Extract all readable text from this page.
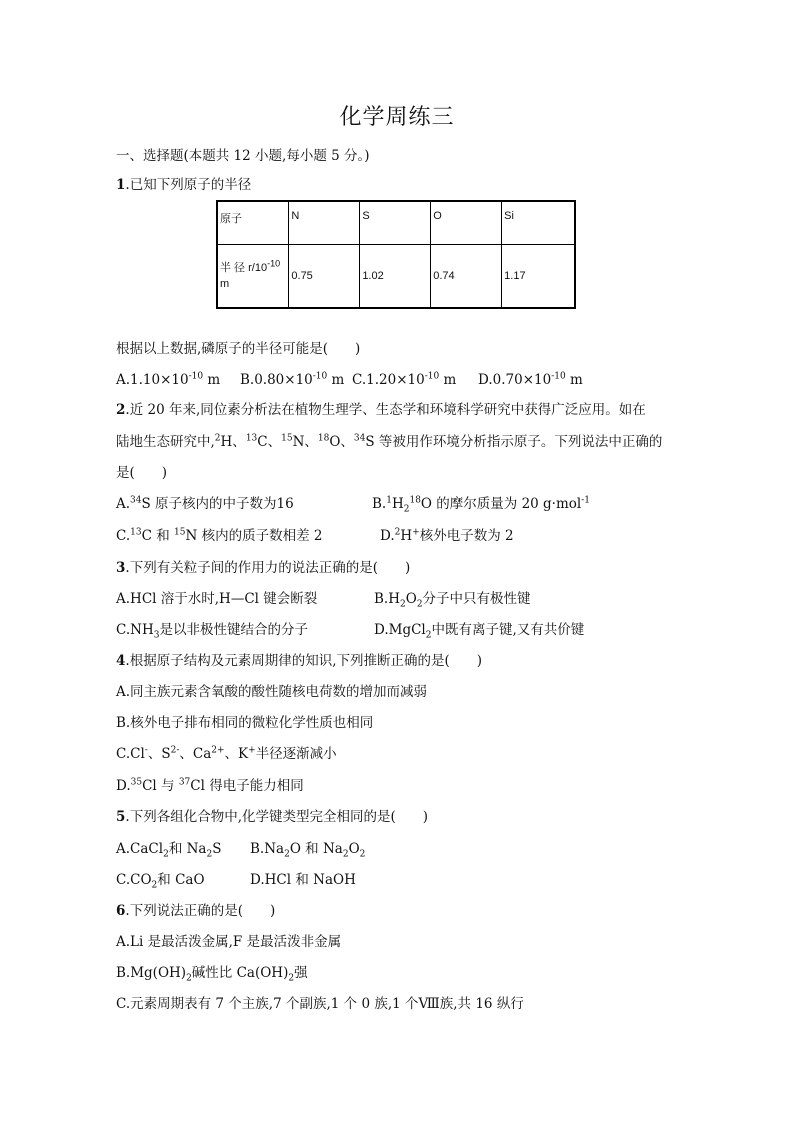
化学周练三
一、选择题(本题共 12 小题,每小题 5 分。)
1.已知下列原子的半径
原子	N	S	O	Si
半 径 $r/10^{-10}$
m	0.75	1.02	0.74	1.17
根据以上数据,磷原子的半径可能是(　　)
$A.1.10\times 10^{-10}$ m $B.0.80\times 10^{-10}$ m $C.1.20\times 10^{-10}$ m $D.0.70\times 10^{-10}$ m
2.近 20 年来,同位素分析法在植物生理学、生态学和环境科学研究中获得广泛应用。如在
陆地生态研究中,$^2$H、$^{13}$C、$^{15}$N、$^{18}$O、$^{34}$S 等被用作环境分析指示原子。下列说法中正确的
是(　　)
A.$^{34}$S 原子核内的中子数为16	$B.^1H_2^{18}O$ 的摩尔质量为 20 g·mol$^{-1}$
C.$^{13}$C 和 $^{15}$N 核内的质子数相差 2	D.$^2$H+核外电子数为 2
3.下列有关粒子间的作用力的说法正确的是(　　)
A.HCl 溶于水时,H—Cl 键会断裂	$B.H_2O_2$分子中只有极性键
$C.NH_3$是以非极性键结合的分子	D.MgCl$_2$中既有离子键,又有共价键
4.根据原子结构及元素周期律的知识,下列推断正确的是(　　)
A.同主族元素含氧酸的酸性随核电荷数的增加而减弱
B.核外电子排布相同的微粒化学性质也相同
C.Cl-、$S^{2-}$、$Ca^{2+}$、K+半径逐渐减小
D.$^{35}$Cl 与 $^{37}$Cl 得电子能力相同
5.下列各组化合物中,化学键类型完全相同的是(　　)
A.CaCl$_2$和 $Na_2S$ $B.Na_2O$ 和 $Na_2O_2$
$C.CO_2$和 CaO	D.HCl 和 NaOH
6.下列说法正确的是(　　)
A.Li 是最活泼金属,F 是最活泼非金属
$B.Mg(OH)_2$碱性比 $Ca(OH)_2$强
C.元素周期表有 7 个主族,7 个副族,1 个 0 族,1 个Ⅷ族,共 16 纵行
